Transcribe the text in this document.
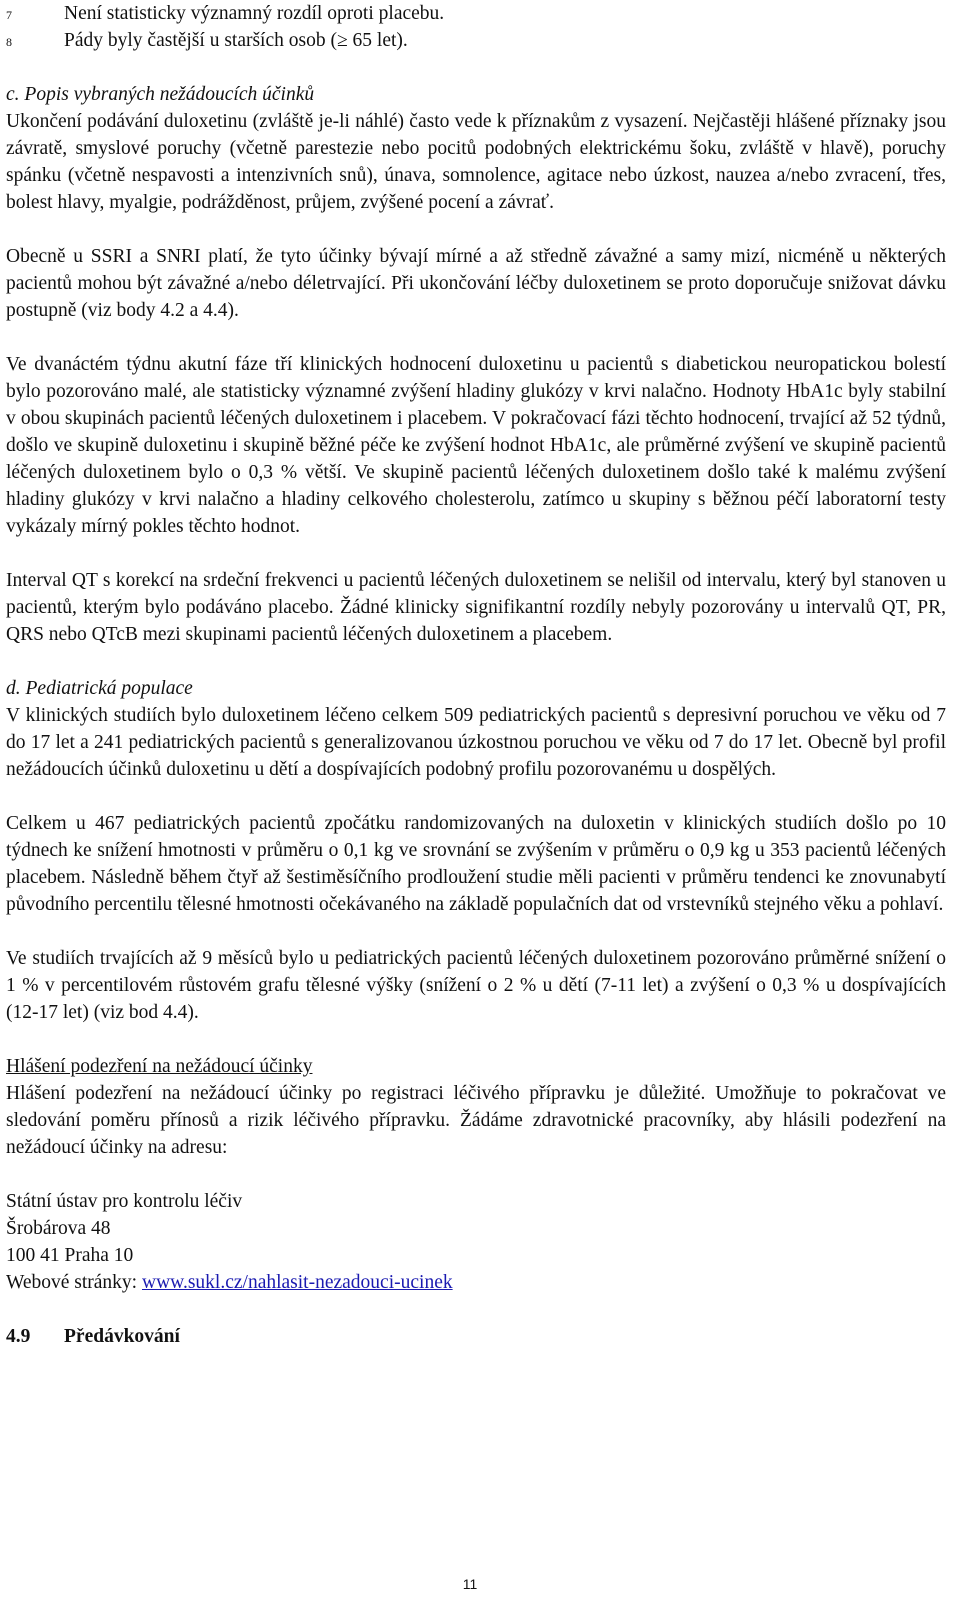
7	Není statisticky významný rozdíl oproti placebu.
8	Pády byly častější u starších osob (≥ 65 let).
c. Popis vybraných nežádoucích účinků

Ukončení podávání duloxetinu (zvláště je-li náhlé) často vede k příznakům z vysazení. Nejčastěji hlášené příznaky jsou závratě, smyslové poruchy (včetně parestezie nebo pocitů podobných elektrickému šoku, zvláště v hlavě), poruchy spánku (včetně nespavosti a intenzivních snů), únava, somnolence, agitace nebo úzkost, nauzea a/nebo zvracení, třes, bolest hlavy, myalgie, podrážděnost, průjem, zvýšené pocení a závrať.

Obecně u SSRI a SNRI platí, že tyto účinky bývají mírné a až středně závažné a samy mizí, nicméně u některých pacientů mohou být závažné a/nebo déletrvající. Při ukončování léčby duloxetinem se proto doporučuje snižovat dávku postupně (viz body 4.2 a 4.4).

Ve dvanáctém týdnu akutní fáze tří klinických hodnocení duloxetinu u pacientů s diabetickou neuropatickou bolestí bylo pozorováno malé, ale statisticky významné zvýšení hladiny glukózy v krvi nalačno. Hodnoty HbA1c byly stabilní v obou skupinách pacientů léčených duloxetinem i placebem. V pokračovací fázi těchto hodnocení, trvající až 52 týdnů, došlo ve skupině duloxetinu i skupině běžné péče ke zvýšení hodnot HbA1c, ale průměrné zvýšení ve skupině pacientů léčených duloxetinem bylo o 0,3 % větší. Ve skupině pacientů léčených duloxetinem došlo také k malému zvýšení hladiny glukózy v krvi nalačno a hladiny celkového cholesterolu, zatímco u skupiny s běžnou péčí laboratorní testy vykázaly mírný pokles těchto hodnot.

Interval QT s korekcí na srdeční frekvenci u pacientů léčených duloxetinem se nelišil od intervalu, který byl stanoven u pacientů, kterým bylo podáváno placebo. Žádné klinicky signifikantní rozdíly nebyly pozorovány u intervalů QT, PR, QRS nebo QTcB mezi skupinami pacientů léčených duloxetinem a placebem.

d. Pediatrická populace

V klinických studiích bylo duloxetinem léčeno celkem 509 pediatrických pacientů s depresivní poruchou ve věku od 7 do 17 let a 241 pediatrických pacientů s generalizovanou úzkostnou poruchou ve věku od 7 do 17 let. Obecně byl profil nežádoucích účinků duloxetinu u dětí a dospívajících podobný profilu pozorovanému u dospělých.

Celkem u 467 pediatrických pacientů zpočátku randomizovaných na duloxetin v klinických studiích došlo po 10 týdnech ke snížení hmotnosti v průměru o 0,1 kg ve srovnání se zvýšením v průměru o 0,9 kg u 353 pacientů léčených placebem. Následně během čtyř až šestiměsíčního prodloužení studie měli pacienti v průměru tendenci ke znovunabytí původního percentilu tělesné hmotnosti očekávaného na základě populačních dat od vrstevníků stejného věku a pohlaví.

Ve studiích trvajících až 9 měsíců bylo u pediatrických pacientů léčených duloxetinem pozorováno průměrné snížení o 1 % v percentilovém růstovém grafu tělesné výšky (snížení o 2 % u dětí (7-11 let) a zvýšení o 0,3 % u dospívajících (12-17 let) (viz bod 4.4).

Hlášení podezření na nežádoucí účinky

Hlášení podezření na nežádoucí účinky po registraci léčivého přípravku je důležité. Umožňuje to pokračovat ve sledování poměru přínosů a rizik léčivého přípravku. Žádáme zdravotnické pracovníky, aby hlásili podezření na nežádoucí účinky na adresu:

Státní ústav pro kontrolu léčiv
Šrobárova 48
100 41 Praha 10
Webové stránky: www.sukl.cz/nahlasit-nezadouci-ucinek
4.9	Předávkování
11
